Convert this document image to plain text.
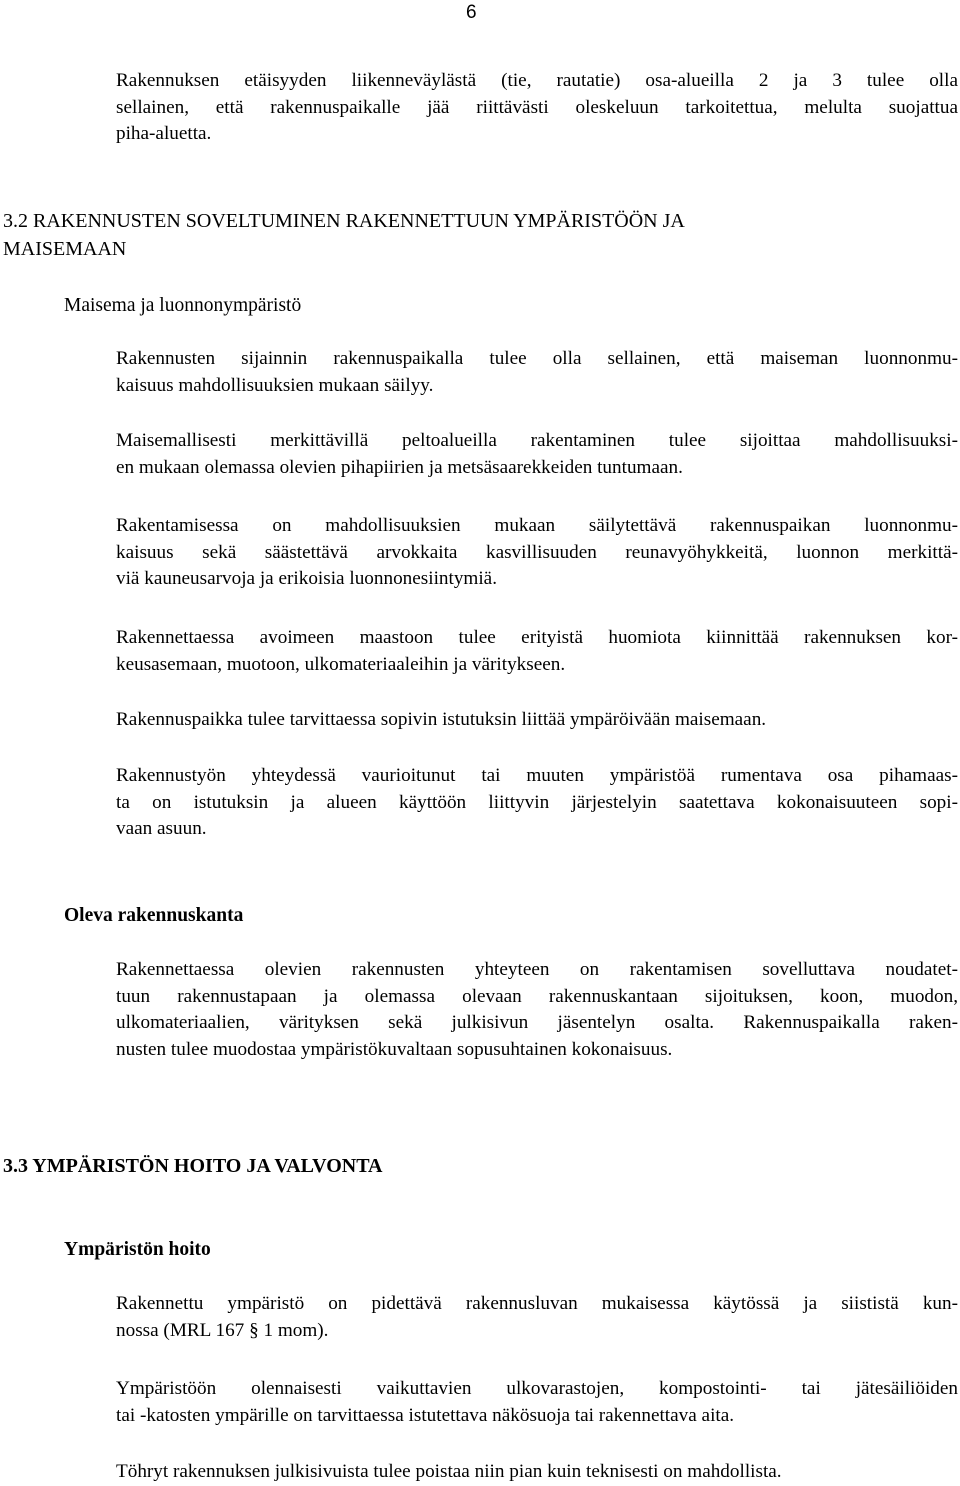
6
Rakennuksen etäisyyden liikenneväylästä (tie, rautatie) osa-alueilla 2 ja 3 tulee olla
sellainen, että rakennuspaikalle jää riittävästi oleskeluun tarkoitettua, melulta suojattua
piha-aluetta.
3.2 RAKENNUSTEN SOVELTUMINEN RAKENNETTUUN YMPÄRISTÖÖN JA
MAISEMAAN
Maisema ja luonnonympäristö
Rakennusten sijainnin rakennuspaikalla tulee olla sellainen, että maiseman luonnonmu-
kaisuus mahdollisuuksien mukaan säilyy.
Maisemallisesti merkittävillä peltoalueilla rakentaminen tulee sijoittaa mahdollisuuksi-
en mukaan olemassa olevien pihapiirien ja metsäsaarekkeiden tuntumaan.
Rakentamisessa on mahdollisuuksien mukaan säilytettävä rakennuspaikan luonnonmu-
kaisuus sekä säästettävä arvokkaita kasvillisuuden reunavyöhykkeitä, luonnon merkittä-
viä kauneusarvoja ja erikoisia luonnonesiintymiä.
Rakennettaessa avoimeen maastoon tulee erityistä huomiota kiinnittää rakennuksen kor-
keusasemaan, muotoon, ulkomateriaaleihin ja väritykseen.
Rakennuspaikka tulee tarvittaessa sopivin istutuksin liittää ympäröivään maisemaan.
Rakennustyön yhteydessä vaurioitunut tai muuten ympäristöä rumentava osa pihamaas-
ta on istutuksin ja alueen käyttöön liittyvin järjestelyin saatettava kokonaisuuteen sopi-
vaan asuun.
Oleva rakennuskanta
Rakennettaessa olevien rakennusten yhteyteen on rakentamisen sovelluttava noudatet-
tuun rakennustapaan ja olemassa olevaan rakennuskantaan sijoituksen, koon, muodon,
ulkomateriaalien, värityksen sekä julkisivun jäsentelyn osalta. Rakennuspaikalla raken-
nusten tulee muodostaa ympäristökuvaltaan sopusuhtainen kokonaisuus.
3.3 YMPÄRISTÖN HOITO JA VALVONTA
Ympäristön hoito
Rakennettu ympäristö on pidettävä rakennusluvan mukaisessa käytössä ja siististä kun-
nossa (MRL 167 § 1 mom).
Ympäristöön olennaisesti vaikuttavien ulkovarastojen, kompostointi- tai jätesäiliöiden
tai -katosten ympärille on tarvittaessa istutettava näkösuoja tai rakennettava aita.
Töhryt rakennuksen julkisivuista tulee poistaa niin pian kuin teknisesti on mahdollista.
